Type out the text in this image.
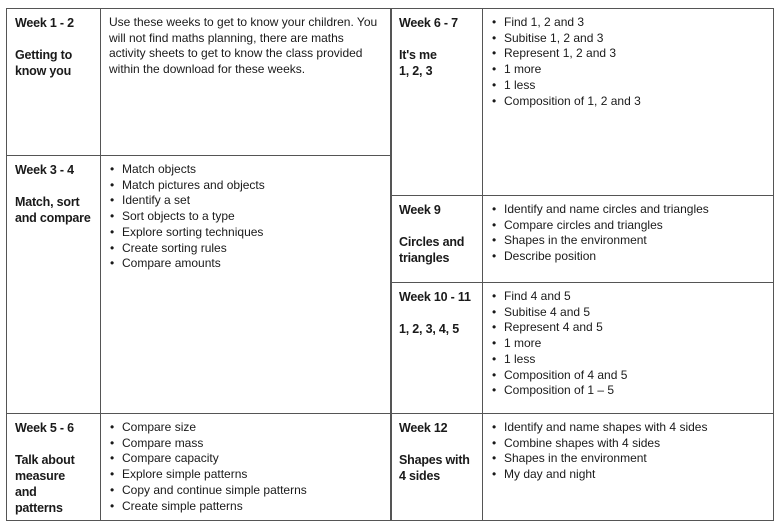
Week 1 - 2
Getting to know you

Use these weeks to get to know your children. You will not find maths planning, there are maths activity sheets to get to know the class provided within the download for these weeks.

Week 3 - 4
Match, sort and compare
• Match objects
• Match pictures and objects
• Identify a set
• Sort objects to a type
• Explore sorting techniques
• Create sorting rules
• Compare amounts
Week 5 - 6
Talk about measure and patterns
• Compare size
• Compare mass
• Compare capacity
• Explore simple patterns
• Copy and continue simple patterns
• Create simple patterns
Week 6 - 7
It's me 1, 2, 3
• Find 1, 2 and 3
• Subitise 1, 2 and 3
• Represent 1, 2 and 3
• 1 more
• 1 less
• Composition of 1, 2 and 3
Week 9
Circles and triangles
• Identify and name circles and triangles
• Compare circles and triangles
• Shapes in the environment
• Describe position
Week 10 - 11
1, 2, 3, 4, 5
• Find 4 and 5
• Subitise 4 and 5
• Represent 4 and 5
• 1 more
• 1 less
• Composition of 4 and 5
• Composition of 1 – 5
Week 12
Shapes with 4 sides
• Identify and name shapes with 4 sides
• Combine shapes with 4 sides
• Shapes in the environment
• My day and night
